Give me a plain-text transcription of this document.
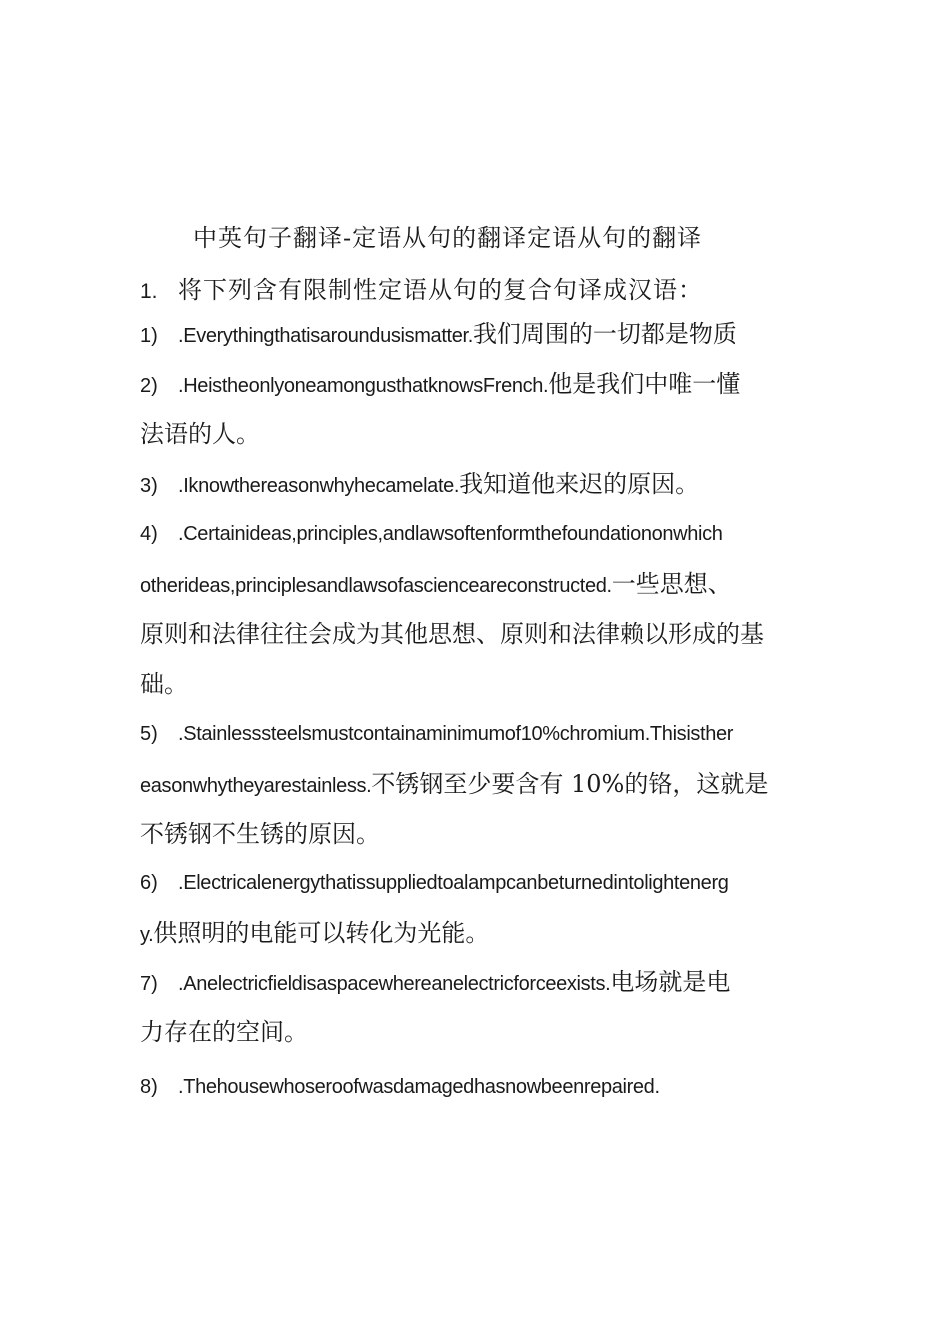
中英句子翻译-定语从句的翻译定语从句的翻译
1. 将下列含有限制性定语从句的复合句译成汉语：
1) .Everythingthatisaroundusismatter.我们周围的一切都是物质
2) .HeistheonlyoneamongusthatknowsFrench.他是我们中唯一懂
法语的人。
3) .Iknowthereasonwhyhecamelate.我知道他来迟的原因。
4) .Certainideas,principles,andlawsoftenformthefoundationonwhich
otherideas,principlesandlawsofascienceareconstructed.一些思想、
原则和法律往往会成为其他思想、原则和法律赖以形成的基
础。
5) .Stainlesssteelsmustcontainaminimumof10%chromium.Thisisther
easonwhytheyarestainless.不锈钢至少要含有 10%的铬，这就是
不锈钢不生锈的原因。
6) .Electricalenergythatissuppliedtoalampcanbeturnedintolightenerg
y.供照明的电能可以转化为光能。
7) .Anelectricfieldisaspacewhereanelectricforceexists.电场就是电
力存在的空间。
8) .Thehousewhoseroofwasdamagedhasnowbeenrepaired.
